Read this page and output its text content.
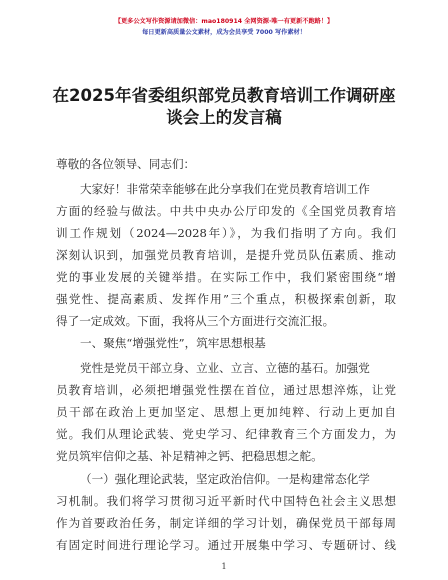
【更多公文写作资源请加微信：mao180914 全网资源·唯一有更新不跑路！】
每日更新高质量公文素材，成为会员享受 7000 写作素材！
在2025年省委组织部党员教育培训工作调研座
谈会上的发言稿
尊敬的各位领导、同志们：
大家好！非常荣幸能够在此分享我们在党员教育培训工作
方面的经验与做法。中共中央办公厅印发的《全国党员教育培
训工作规划（2024—2028年）》，为我们指明了方向。我们
深刻认识到，加强党员教育培训，是提升党员队伍素质、推动
党的事业发展的关键举措。在实际工作中，我们紧密围绕“增
强党性、提高素质、发挥作用”三个重点，积极探索创新，取
得了一定成效。下面，我将从三个方面进行交流汇报。
一、聚焦“增强党性”，筑牢思想根基
党性是党员干部立身、立业、立言、立德的基石。加强党
员教育培训，必须把增强党性摆在首位，通过思想淬炼，让党
员干部在政治上更加坚定、思想上更加纯粹、行动上更加自
觉。我们从理论武装、党史学习、纪律教育三个方面发力，为
党员筑牢信仰之基、补足精神之钙、把稳思想之舵。
（一）强化理论武装，坚定政治信仰。一是构建常态化学
习机制。我们将学习贯彻习近平新时代中国特色社会主义思想
作为首要政治任务，制定详细的学习计划，确保党员干部每周
有固定时间进行理论学习。通过开展集中学习、专题研讨、线
1
